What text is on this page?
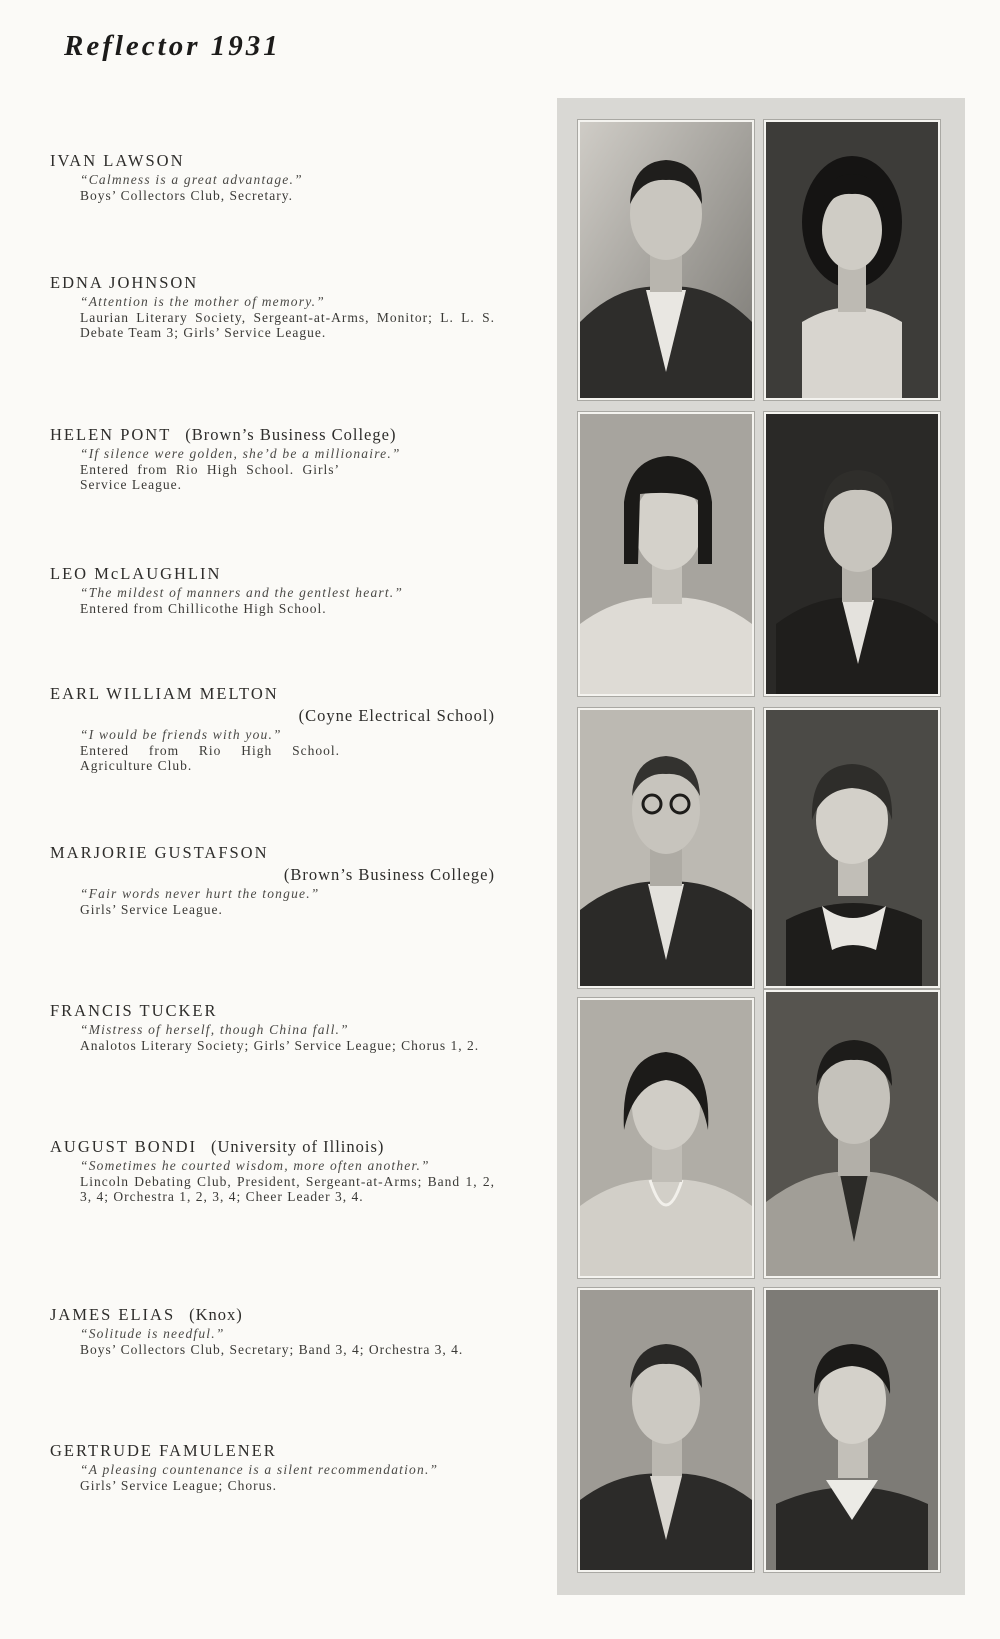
Reflector 1931
IVAN LAWSON
“Calmness is a great advantage.”
Boys’ Collectors Club, Secretary.
EDNA JOHNSON
“Attention is the mother of memory.”
Laurian Literary Society, Sergeant-at-Arms, Monitor; L. L. S. Debate Team 3; Girls’ Service League.
HELEN PONT (Brown’s Business College)
“If silence were golden, she’d be a millionaire.”
Entered from Rio High School. Girls’ Service League.
LEO McLAUGHLIN
“The mildest of manners and the gentlest heart.”
Entered from Chillicothe High School.
EARL WILLIAM MELTON
(Coyne Electrical School)
“I would be friends with you.”
Entered from Rio High School. Agriculture Club.
MARJORIE GUSTAFSON
(Brown’s Business College)
“Fair words never hurt the tongue.”
Girls’ Service League.
FRANCIS TUCKER
“Mistress of herself, though China fall.”
Analotos Literary Society; Girls’ Service League; Chorus 1, 2.
AUGUST BONDI (University of Illinois)
“Sometimes he courted wisdom, more often another.”
Lincoln Debating Club, President, Sergeant-at-Arms; Band 1, 2, 3, 4; Orchestra 1, 2, 3, 4; Cheer Leader 3, 4.
JAMES ELIAS (Knox)
“Solitude is needful.”
Boys’ Collectors Club, Secretary; Band 3, 4; Orchestra 3, 4.
GERTRUDE FAMULENER
“A pleasing countenance is a silent recommendation.”
Girls’ Service League; Chorus.
